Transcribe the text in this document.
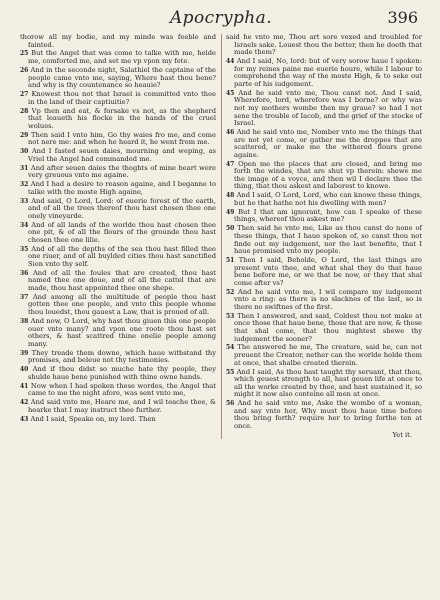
Apocrypha.	396

thorow all my bodie, and my minde was feeble and fainted.

25 But the Angel that was come to talke with me, helde me, comforted me, and set me vp vpon my fete.

26 And in the seconde night, Salathiel the captaine of the people came vnto me, saying, Where hast thou bene? and why is thy countenance so heauie?

27 Knowest thou not that Israel is committed vnto thee in the land of their captiuitie?

28 Vp then and eat, & forsake vs not, as the shepherd that leaueth his flocke in the hands of the cruel wolues.

29 Then said I vnto him, Go thy waies fro me, and come not nere me: and when he heard it, he went from me.

30 And I fasted seuen daies, mourning and weping, as Vriel the Angel had commanded me.

31 And after seuen daies the thoghts of mine heart were very greuous vnto me againe.

32 And I had a desire to reason againe, and I beganne to talke with the moste High againe,

33 And said, O Lord, Lord: of euerie forest of the earth, and of all the trees thereof thou hast chosen thee one onely vineyarde.

34 And of all lands of the worlde thou hast chosen thee one pit, & of all the flours of the grounde thou hast chosen thee one lilie.

35 And of all the depths of the sea thou hast filled thee one riuer, and of all buylded cities thou hast sanctified Sion vnto thy self.

36 And of all the foules that are created, thou hast named thee one doue, and of all the cattel that are made, thou hast appointed thee one shepe.

37 And among all the multitude of people thou hast gotten thee one people, and vnto this people whome thou louedst, thou gauest a Law, that is proued of all.

38 And now, O Lord, why hast thou giuen this one people ouer vnto many? and vpon one roote thou hast set others, & hast scattred thine onelie people among many.

39 They treade them downe, which haue withstand thy promises, and beleue not thy testimonies.

40 And if thou didst so muche hate thy people, they shulde haue bene punished with thine owne hands.

41 Now when I had spoken these wordes, the Angel that came to me the night afore, was sent vnto me,

42 And said vnto me, Heare me, and I wil teache thee, & hearke that I may instruct thee further.

43 And I said, Speake on, my lord. Then

said he vnto me, Thou art sore vexed and troubled for Israels sake. Louest thou the better, then he doeth that made them?

44 And I said, No, lord: but of very sorow haue I spoken: for my reines paine me euerie houre, while I labour to comprehend the way of the moste High, & to seke out parte of his iudgement.

45 And he said vnto me, Thou canst not. And I said, Wherefore, lord, wherefore was I borne? or why was not my mothers wombe then my graue? so had I not sene the trouble of Iacob, and the grief of the stocke of Israel.

46 And he said vnto me, Nomber vnto me the things that are not yet come, or gather me the droppes that are scattered, or make me the withered flours grene againe.

47 Open me the places that are closed, and bring me forth the windes, that are shut vp therein: shewe me the image of a voyce, and then wil I declare thee the thing, that thou askest and laborest to knowe.

48 And I said, O Lord, Lord, who can knowe these things, but he that hathe not his dwelling with men?

49 But I that am ignorant, how can I speake of these things, whereof thou askest me?

50 Then said he vnto me, Like as thou canst do none of these things, that I haue spoken of, so canst thou not finde out my iudgement, nor the last benefite, that I haue promised vnto my people.

51 Then I said, Beholde, O Lord, the last things are present vnto thee, and what shal they do that haue bene before me, or we that be now, or they that shal come after vs?

52 And he said vnto me, I wil compare my iudgement vnto a ring: as there is no slacknes of the last, so is there no swiftnes of the first.

53 Then I answered, and said, Coldest thou not make at once those that haue bene, those that are now, & those that shal come, that thou mightest shewe thy iudgement the sooner?

54 The answered he me, The creature, said he, can not preuent the Creator, nether can the worlde holde them at once, that shalbe created therein.

55 And I said, As thou hast taught thy seruant, that thou, which geuest strength to all, hast geuen life at once to all the worke created by thee, and hast sustained it, so might it now also conteine all men at once.

56 And he said vnto me, Aske the wombe of a woman, and say vnto her, Why must thou haue time before thou bring forth? require her to bring forthe ten at once.

Yet it.
